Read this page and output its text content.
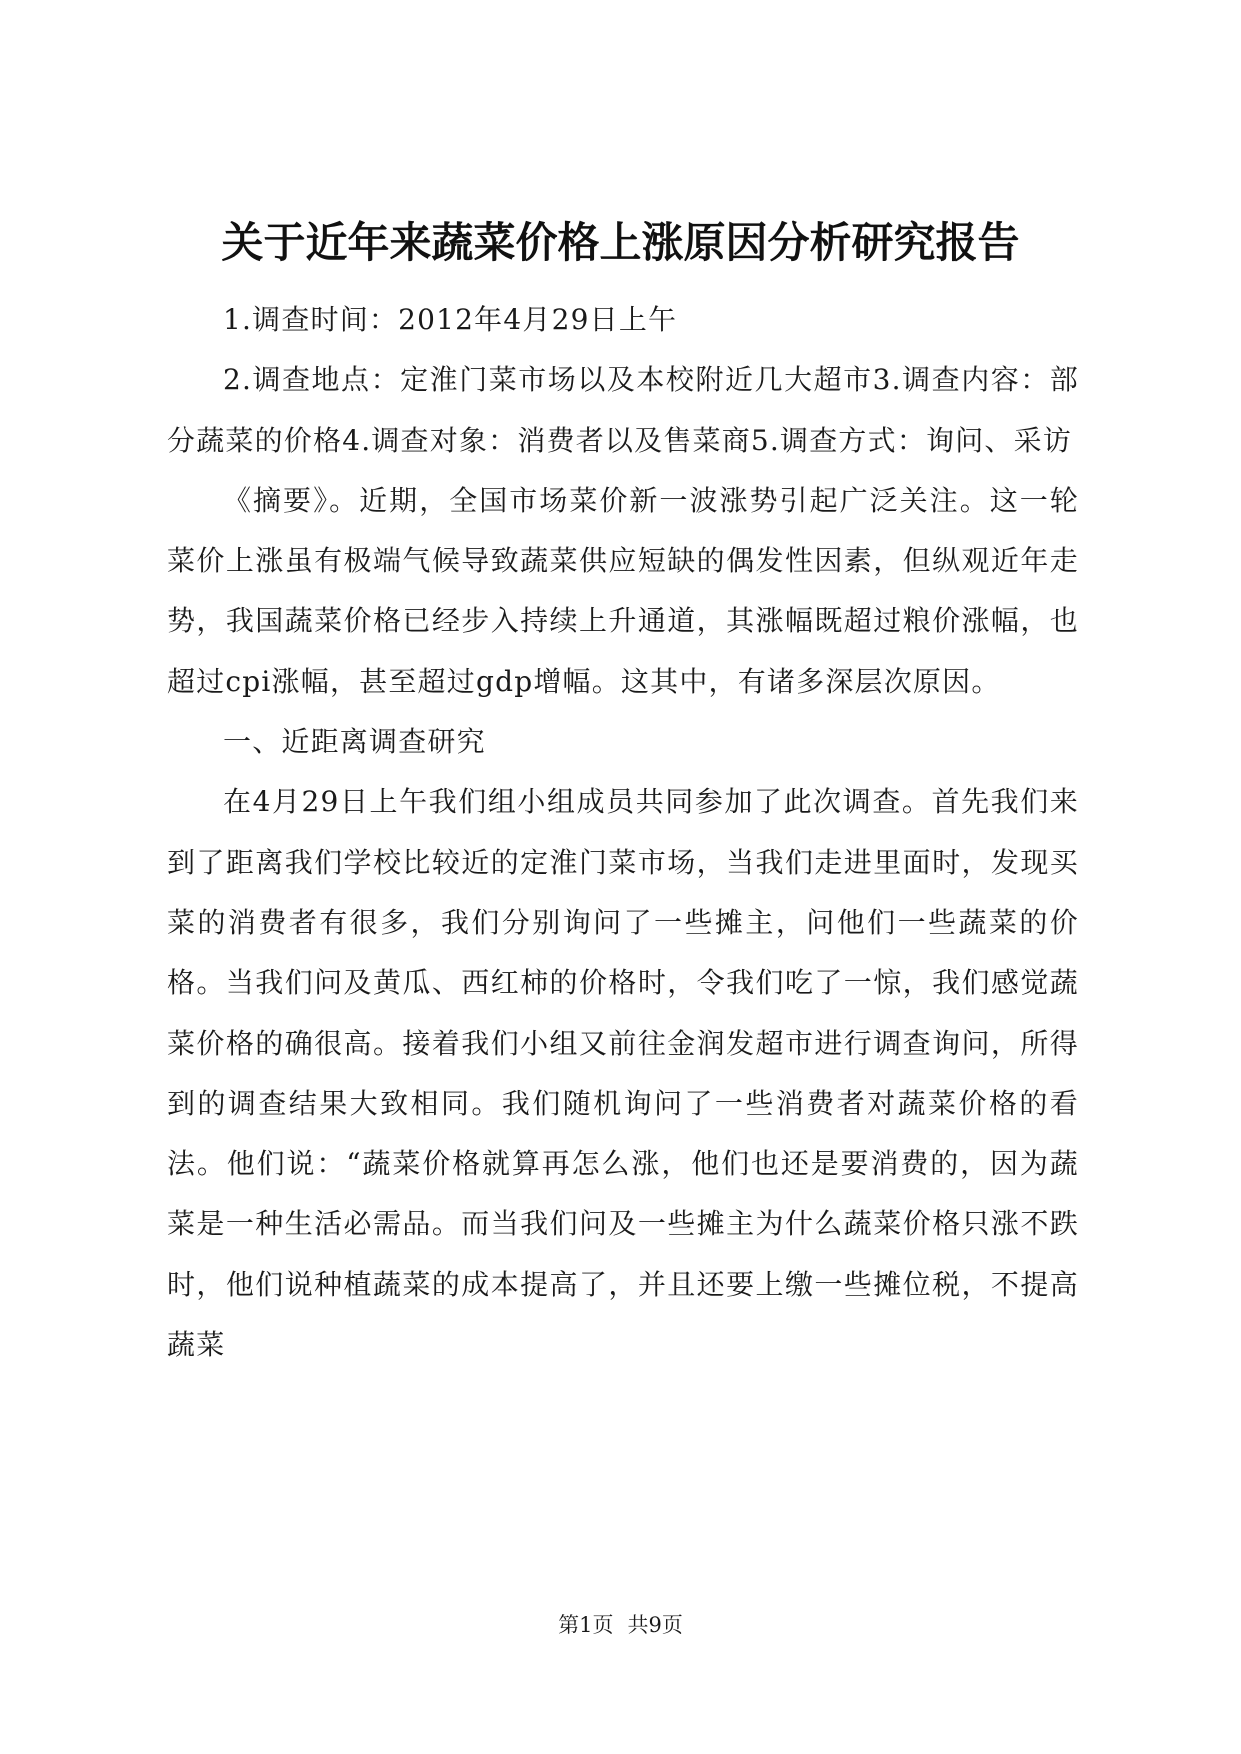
关于近年来蔬菜价格上涨原因分析研究报告

1.调查时间：2012年4月29日上午

2.调查地点：定淮门菜市场以及本校附近几大超市3.调查内容：部分蔬菜的价格4.调查对象：消费者以及售菜商5.调查方式：询问、采访

《摘要》。近期，全国市场菜价新一波涨势引起广泛关注。这一轮菜价上涨虽有极端气候导致蔬菜供应短缺的偶发性因素，但纵观近年走势，我国蔬菜价格已经步入持续上升通道，其涨幅既超过粮价涨幅，也超过cpi涨幅，甚至超过gdp增幅。这其中，有诸多深层次原因。

一、近距离调查研究

在4月29日上午我们组小组成员共同参加了此次调查。首先我们来到了距离我们学校比较近的定淮门菜市场，当我们走进里面时，发现买菜的消费者有很多，我们分别询问了一些摊主，问他们一些蔬菜的价格。当我们问及黄瓜、西红柿的价格时，令我们吃了一惊，我们感觉蔬菜价格的确很高。接着我们小组又前往金润发超市进行调查询问，所得到的调查结果大致相同。我们随机询问了一些消费者对蔬菜价格的看法。他们说：“蔬菜价格就算再怎么涨，他们也还是要消费的，因为蔬菜是一种生活必需品。而当我们问及一些摊主为什么蔬菜价格只涨不跌时，他们说种植蔬菜的成本提高了，并且还要上缴一些摊位税，不提高蔬菜

第1页 共9页
